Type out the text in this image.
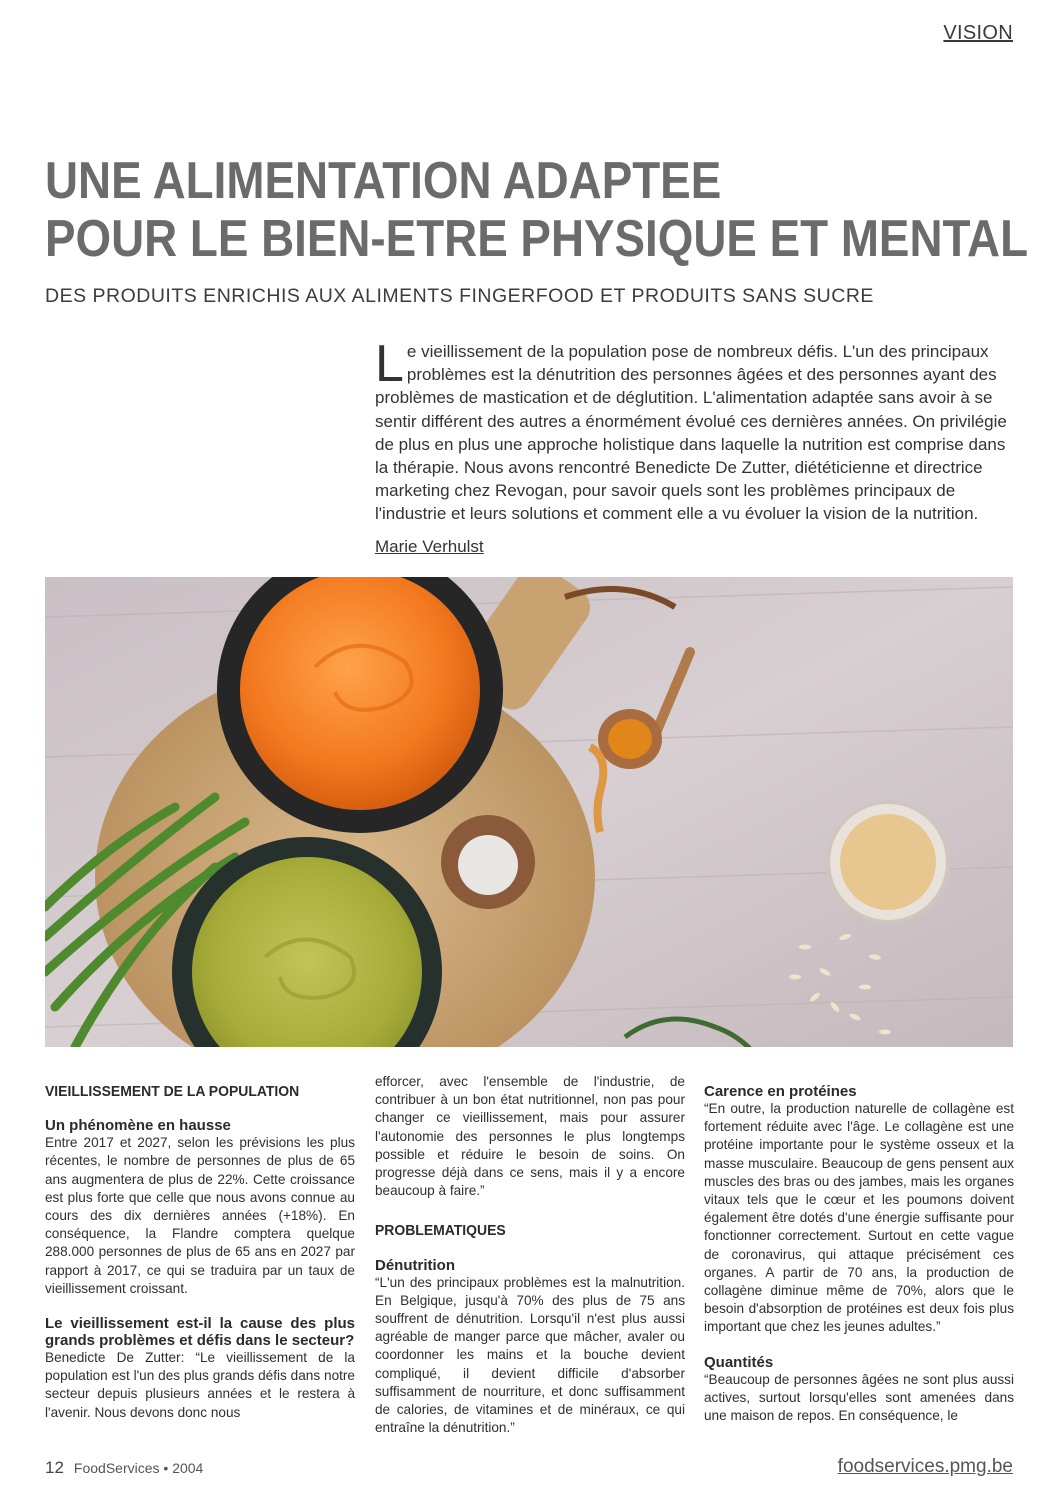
VISION
UNE ALIMENTATION ADAPTEE
POUR LE BIEN-ETRE PHYSIQUE ET MENTAL

DES PRODUITS ENRICHIS AUX ALIMENTS FINGERFOOD ET PRODUITS SANS SUCRE

Le vieillissement de la population pose de nombreux défis. L'un des principaux problèmes est la dénutrition des personnes âgées et des personnes ayant des problèmes de mastication et de déglutition. L'alimentation adaptée sans avoir à se sentir différent des autres a énormément évolué ces dernières années. On privilégie de plus en plus une approche holistique dans laquelle la nutrition est comprise dans la thérapie. Nous avons rencontré Benedicte De Zutter, diététicienne et directrice marketing chez Revogan, pour savoir quels sont les problèmes principaux de l'industrie et leurs solutions et comment elle a vu évoluer la vision de la nutrition.

Marie Verhulst
VIEILLISSEMENT DE LA POPULATION
Un phénomène en hausse

Entre 2017 et 2027, selon les prévisions les plus récentes, le nombre de personnes de plus de 65 ans augmentera de plus de 22%. Cette croissance est plus forte que celle que nous avons connue au cours des dix dernières années (+18%). En conséquence, la Flandre comptera quelque 288.000 personnes de plus de 65 ans en 2027 par rapport à 2017, ce qui se traduira par un taux de vieillissement croissant.

Le vieillissement est-il la cause des plus grands problèmes et défis dans le secteur?

Benedicte De Zutter: “Le vieillissement de la population est l'un des plus grands défis dans notre secteur depuis plusieurs années et le restera à l'avenir. Nous devons donc nous

efforcer, avec l'ensemble de l'industrie, de contribuer à un bon état nutritionnel, non pas pour changer ce vieillissement, mais pour assurer l'autonomie des personnes le plus longtemps possible et réduire le besoin de soins. On progresse déjà dans ce sens, mais il y a encore beaucoup à faire.”

PROBLEMATIQUES
Dénutrition

“L'un des principaux problèmes est la malnutrition. En Belgique, jusqu'à 70% des plus de 75 ans souffrent de dénutrition. Lorsqu'il n'est plus aussi agréable de manger parce que mâcher, avaler ou coordonner les mains et la bouche devient compliqué, il devient difficile d'absorber suffisamment de nourriture, et donc suffisamment de calories, de vitamines et de minéraux, ce qui entraîne la dénutrition.”

Carence en protéines

“En outre, la production naturelle de collagène est fortement réduite avec l'âge. Le collagène est une protéine importante pour le système osseux et la masse musculaire. Beaucoup de gens pensent aux muscles des bras ou des jambes, mais les organes vitaux tels que le cœur et les poumons doivent également être dotés d'une énergie suffisante pour fonctionner correctement. Surtout en cette vague de coronavirus, qui attaque précisément ces organes. A partir de 70 ans, la production de collagène diminue même de 70%, alors que le besoin d'absorption de protéines est deux fois plus important que chez les jeunes adultes.”

Quantités

“Beaucoup de personnes âgées ne sont plus aussi actives, surtout lorsqu'elles sont amenées dans une maison de repos. En conséquence, le

12 FoodServices • 2004	foodservices.pmg.be
